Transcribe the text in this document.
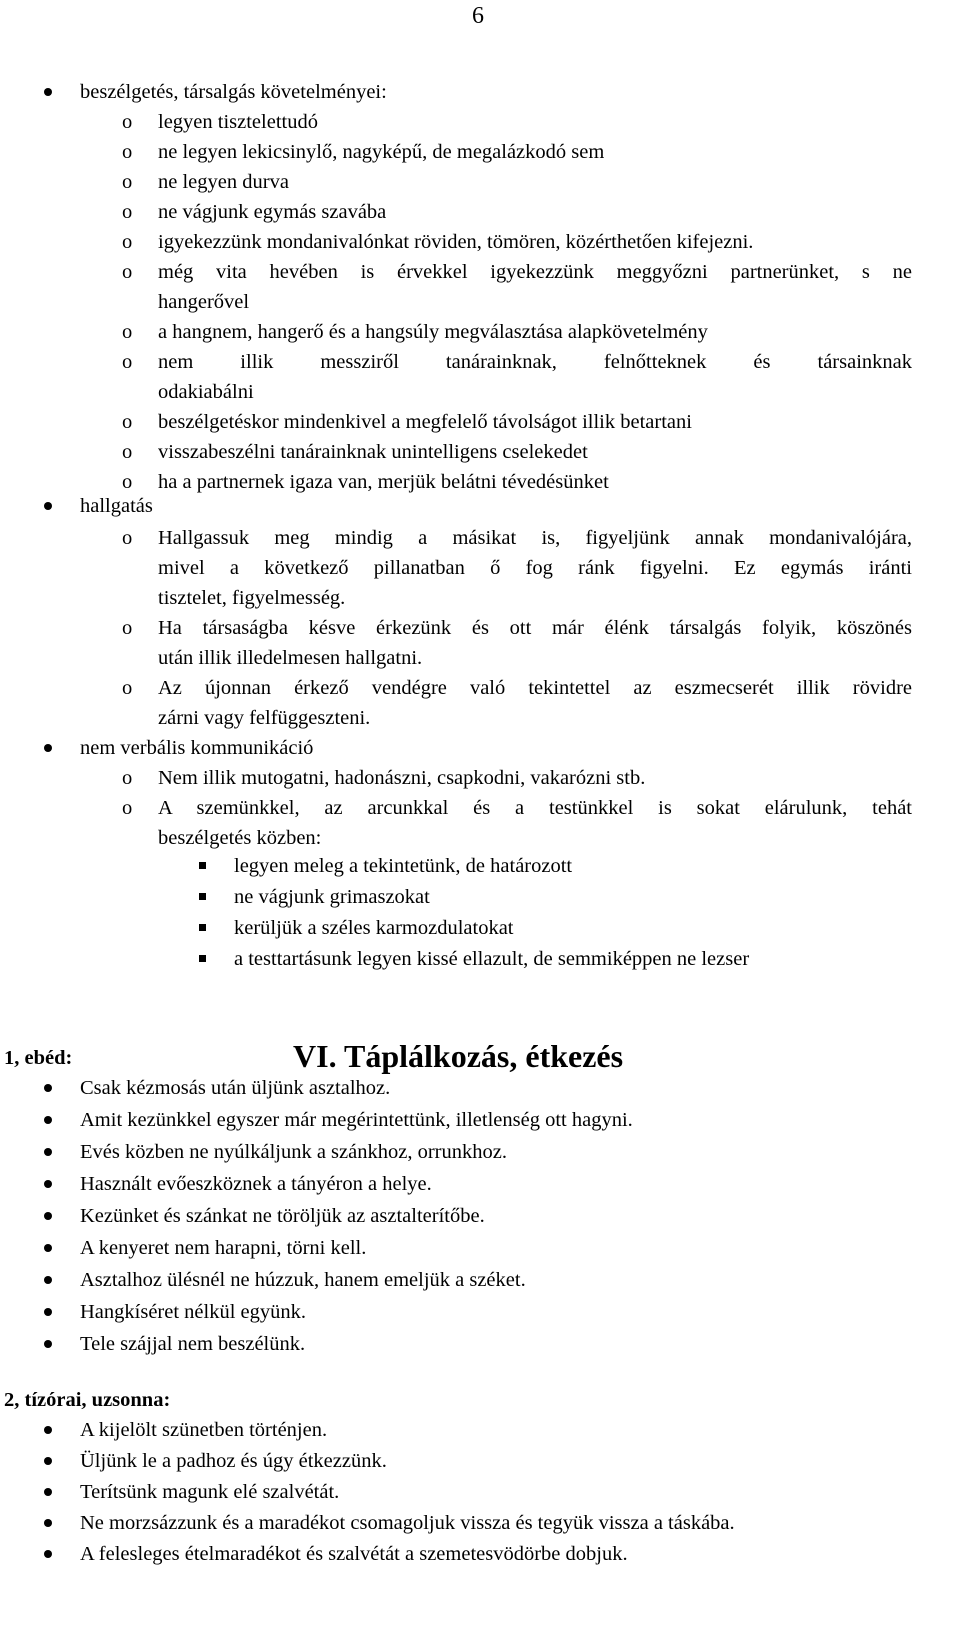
6
beszélgetés, társalgás követelményei:
o legyen tisztelettudó
o ne legyen lekicsinylő, nagyképű, de megalázkodó sem
o ne legyen durva
o ne vágjunk egymás szavába
o igyekezzünk mondanivalónkat röviden, tömören, közérthetően kifejezni.
o még vita hevében is érvekkel igyekezzünk meggyőzni partnerünket, s ne
hangerővel
o a hangnem, hangerő és a hangsúly megválasztása alapkövetelmény
o nem illik messziről tanárainknak, felnőtteknek és társainknak
odakiabálni
o beszélgetéskor mindenkivel a megfelelő távolságot illik betartani
o visszabeszélni tanárainknak unintelligens cselekedet
o ha a partnernek igaza van, merjük belátni tévedésünket
hallgatás
o Hallgassuk meg mindig a másikat is, figyeljünk annak mondanivalójára,
mivel a következő pillanatban ő fog ránk figyelni. Ez egymás iránti
tisztelet, figyelmesség.
o Ha társaságba késve érkezünk és ott már élénk társalgás folyik, köszönés
után illik illedelmesen hallgatni.
o Az újonnan érkező vendégre való tekintettel az eszmecserét illik rövidre
zárni vagy felfüggeszteni.
nem verbális kommunikáció
o Nem illik mutogatni, hadonászni, csapkodni, vakarózni stb.
o A szemünkkel, az arcunkkal és a testünkkel is sokat elárulunk, tehát
beszélgetés közben:
legyen meleg a tekintetünk, de határozott
ne vágjunk grimaszokat
kerüljük a széles karmozdulatokat
a testtartásunk legyen kissé ellazult, de semmiképpen ne lezser
VI. Táplálkozás, étkezés
1, ebéd:
Csak kézmosás után üljünk asztalhoz.
Amit kezünkkel egyszer már megérintettünk, illetlenség ott hagyni.
Evés közben ne nyúlkáljunk a szánkhoz, orrunkhoz.
Használt evőeszköznek a tányéron a helye.
Kezünket és szánkat ne töröljük az asztalterítőbe.
A kenyeret nem harapni, törni kell.
Asztalhoz ülésnél ne húzzuk, hanem emeljük a széket.
Hangkíséret nélkül együnk.
Tele szájjal nem beszélünk.
2, tízórai, uzsonna:
A kijelölt szünetben történjen.
Üljünk le a padhoz és úgy étkezzünk.
Terítsünk magunk elé szalvétát.
Ne morzsázzunk és a maradékot csomagoljuk vissza és tegyük vissza a táskába.
A felesleges ételmaradékot és szalvétát a szemetesvödörbe dobjuk.
